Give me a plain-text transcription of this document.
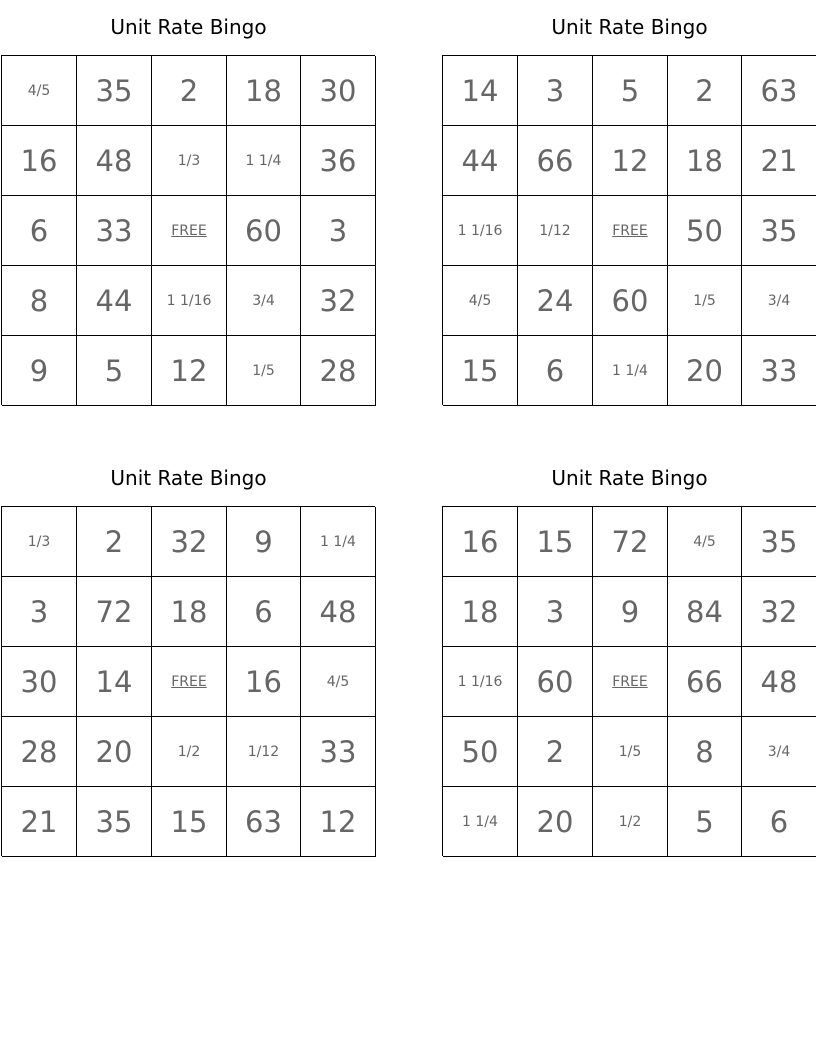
Unit Rate Bingo
4/5	35	2	18	30
16	48	1/3	1 1/4	36
6	33	FREE	60	3
8	44	1 1/16	3/4	32
9	5	12	1/5	28
Unit Rate Bingo
14	3	5	2	63
44	66	12	18	21
1 1/16	1/12	FREE	50	35
4/5	24	60	1/5	3/4
15	6	1 1/4	20	33
Unit Rate Bingo
1/3	2	32	9	1 1/4
3	72	18	6	48
30	14	FREE	16	4/5
28	20	1/2	1/12	33
21	35	15	63	12
Unit Rate Bingo
16	15	72	4/5	35
18	3	9	84	32
1 1/16	60	FREE	66	48
50	2	1/5	8	3/4
1 1/4	20	1/2	5	6
